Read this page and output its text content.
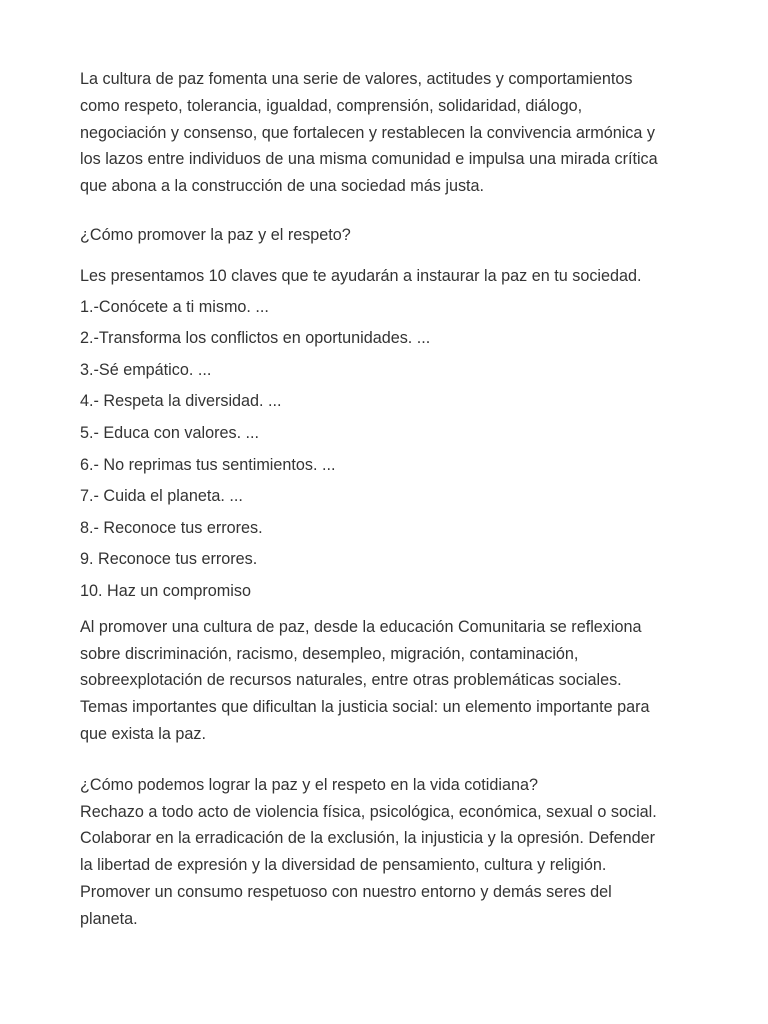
La cultura de paz fomenta una serie de valores, actitudes y comportamientos
como respeto, tolerancia, igualdad, comprensión, solidaridad, diálogo,
negociación y consenso, que fortalecen y restablecen la convivencia armónica y
los lazos entre individuos de una misma comunidad e impulsa una mirada crítica
que abona a la construcción de una sociedad más justa.

¿Cómo promover la paz y el respeto?

Les presentamos 10 claves que te ayudarán a instaurar la paz en tu sociedad.

1.-Conócete a ti mismo. ...
2.-Transforma los conflictos en oportunidades. ...
3.-Sé empático. ...
4.- Respeta la diversidad. ...
5.- Educa con valores. ...
6.- No reprimas tus sentimientos. ...
7.- Cuida el planeta. ...
8.- Reconoce tus errores.
9. Reconoce tus errores.
10. Haz un compromiso

Al promover una cultura de paz, desde la educación Comunitaria se reflexiona
sobre discriminación, racismo, desempleo, migración, contaminación,
sobreexplotación de recursos naturales, entre otras problemáticas sociales.
Temas importantes que dificultan la justicia social: un elemento importante para
que exista la paz.

¿Cómo podemos lograr la paz y el respeto en la vida cotidiana?
Rechazo a todo acto de violencia física, psicológica, económica, sexual o social.
Colaborar en la erradicación de la exclusión, la injusticia y la opresión. Defender
la libertad de expresión y la diversidad de pensamiento, cultura y religión.
Promover un consumo respetuoso con nuestro entorno y demás seres del
planeta.
